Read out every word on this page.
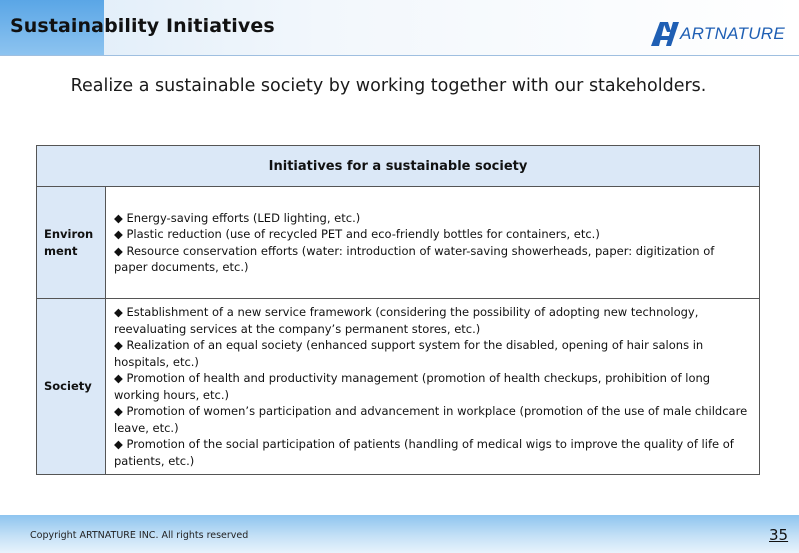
Sustainability Initiatives	ARTNATURE
Realize a sustainable society by working together with our stakeholders.
Initiatives for a sustainable society	

Environ
ment	◆ Energy-saving efforts (LED lighting, etc.)
◆ Plastic reduction (use of recycled PET and eco-friendly bottles for containers, etc.)
◆ Resource conservation efforts (water: introduction of water-saving showerheads, paper: digitization of paper documents, etc.)

Society	◆ Establishment of a new service framework (considering the possibility of adopting new technology, reevaluating services at the company’s permanent stores, etc.)
◆ Realization of an equal society (enhanced support system for the disabled, opening of hair salons in hospitals, etc.)
◆ Promotion of health and productivity management (promotion of health checkups, prohibition of long working hours, etc.)
◆ Promotion of women’s participation and advancement in workplace (promotion of the use of male childcare leave, etc.)
◆ Promotion of the social participation of patients (handling of medical wigs to improve the quality of life of patients, etc.)
Copyright ARTNATURE INC. All rights reserved	35
